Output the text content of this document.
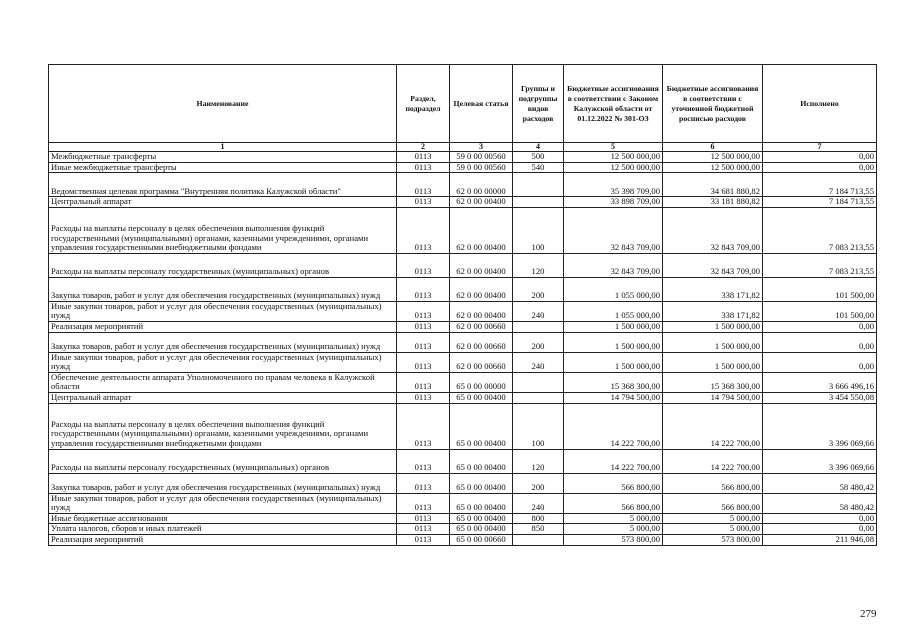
Наименование	Раздел, подраздел	Целевая статья	Группы и подгруппы видов расходов	Бюджетные ассигнования в соответствии с Законом Калужской области от 01.12.2022 № 301-ОЗ	Бюджетные ассигнования в соответствии с уточненной бюджетной росписью расходов	Исполнено
1	2	3	4	5	6	7
Межбюджетные трансферты	0113	59 0 00 00560	500	12 500 000,00	12 500 000,00	0,00
Иные межбюджетные трансферты	0113	59 0 00 00560	540	12 500 000,00	12 500 000,00	0,00
Ведомственная целевая программа "Внутренняя политика Калужской области"	0113	62 0 00 00000		35 398 709,00	34 681 880,82	7 184 713,55
Центральный аппарат	0113	62 0 00 00400		33 898 709,00	33 181 880,82	7 184 713,55
Расходы на выплаты персоналу в целях обеспечения выполнения функций государственными (муниципальными) органами, казенными учреждениями, органами управления государственными внебюджетными фондами	0113	62 0 00 00400	100	32 843 709,00	32 843 709,00	7 083 213,55
Расходы на выплаты персоналу государственных (муниципальных) органов	0113	62 0 00 00400	120	32 843 709,00	32 843 709,00	7 083 213,55
Закупка товаров, работ и услуг для обеспечения государственных (муниципальных) нужд	0113	62 0 00 00400	200	1 055 000,00	338 171,82	101 500,00
Иные закупки товаров, работ и услуг для обеспечения государственных (муниципальных) нужд	0113	62 0 00 00400	240	1 055 000,00	338 171,82	101 500,00
Реализация мероприятий	0113	62 0 00 00660		1 500 000,00	1 500 000,00	0,00
Закупка товаров, работ и услуг для обеспечения государственных (муниципальных) нужд	0113	62 0 00 00660	200	1 500 000,00	1 500 000,00	0,00
Иные закупки товаров, работ и услуг для обеспечения государственных (муниципальных) нужд	0113	62 0 00 00660	240	1 500 000,00	1 500 000,00	0,00
Обеспечение деятельности аппарата Уполномоченного по правам человека в Калужской области	0113	65 0 00 00000		15 368 300,00	15 368 300,00	3 666 496,16
Центральный аппарат	0113	65 0 00 00400		14 794 500,00	14 794 500,00	3 454 550,08
Расходы на выплаты персоналу в целях обеспечения выполнения функций государственными (муниципальными) органами, казенными учреждениями, органами управления государственными внебюджетными фондами	0113	65 0 00 00400	100	14 222 700,00	14 222 700,00	3 396 069,66
Расходы на выплаты персоналу государственных (муниципальных) органов	0113	65 0 00 00400	120	14 222 700,00	14 222 700,00	3 396 069,66
Закупка товаров, работ и услуг для обеспечения государственных (муниципальных) нужд	0113	65 0 00 00400	200	566 800,00	566 800,00	58 480,42
Иные закупки товаров, работ и услуг для обеспечения государственных (муниципальных) нужд	0113	65 0 00 00400	240	566 800,00	566 800,00	58 480,42
Иные бюджетные ассигнования	0113	65 0 00 00400	800	5 000,00	5 000,00	0,00
Уплата налогов, сборов и иных платежей	0113	65 0 00 00400	850	5 000,00	5 000,00	0,00
Реализация мероприятий	0113	65 0 00 00660		573 800,00	573 800,00	211 946,08
279
